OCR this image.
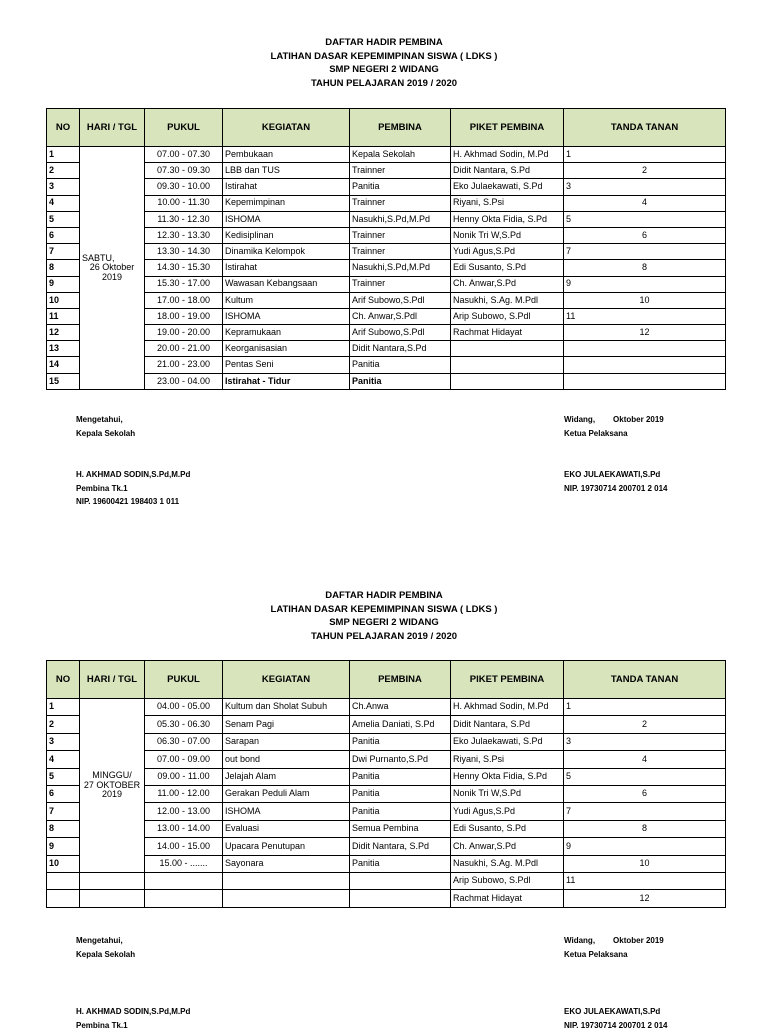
DAFTAR HADIR PEMBINA
LATIHAN DASAR KEPEMIMPINAN SISWA ( LDKS )
SMP NEGERI 2 WIDANG
TAHUN PELAJARAN 2019 / 2020
NO	HARI / TGL	PUKUL	KEGIATAN	PEMBINA	PIKET PEMBINA	TANDA TANAN
1	SABTU,
26 Oktober
2019	07.00 - 07.30	Pembukaan	Kepala Sekolah	H. Akhmad Sodin, M.Pd	1
2		07.30 - 09.30	LBB dan TUS	Trainner	Didit Nantara, S.Pd	2

3		09.30 - 10.00	Istirahat	Panitia	Eko Julaekawati, S.Pd	3
4		10.00 - 11.30	Kepemimpinan	Trainner	Riyani, S.Psi	4

5		11.30 - 12.30	ISHOMA	Nasukhi,S.Pd,M.Pd	Henny Okta Fidia, S.Pd	5
6		12.30 - 13.30	Kedisiplinan	Trainner	Nonik Tri W,S.Pd	6

7		13.30 - 14.30	Dinamika Kelompok	Trainner	Yudi Agus,S.Pd	7
8		14.30 - 15.30	Istirahat	Nasukhi,S.Pd,M.Pd	Edi Susanto, S.Pd	8

9		15.30 - 17.00	Wawasan Kebangsaan	Trainner	Ch. Anwar,S.Pd	9
10		17.00 - 18.00	Kultum	Arif Subowo,S.Pdl	Nasukhi, S.Ag. M.Pdl	10

11		18.00 - 19.00	ISHOMA	Ch. Anwar,S.Pdl	Arip Subowo, S.Pdl	11
12		19.00 - 20.00	Kepramukaan	Arif Subowo,S.Pdl	Rachmat Hidayat	12

13		20.00 - 21.00	Keorganisasian	Didit Nantara,S.Pd		

14		21.00 - 23.00	Pentas Seni	Panitia		

15		23.00 - 04.00	Istirahat - Tidur	Panitia		
Mengetahui,
Kepala Sekolah
Widang, Oktober 2019
Ketua Pelaksana
H. AKHMAD SODIN,S.Pd,M.Pd
Pembina Tk.1
NIP. 19600421 198403 1 011
EKO JULAEKAWATI,S.Pd
NIP. 19730714 200701 2 014
DAFTAR HADIR PEMBINA
LATIHAN DASAR KEPEMIMPINAN SISWA ( LDKS )
SMP NEGERI 2 WIDANG
TAHUN PELAJARAN 2019 / 2020
NO	HARI / TGL	PUKUL	KEGIATAN	PEMBINA	PIKET PEMBINA	TANDA TANAN
1	MINGGU/
27 OKTOBER
2019	04.00 - 05.00	Kultum dan Sholat Subuh	Ch.Anwa	H. Akhmad Sodin, M.Pd	1
2		05.30 - 06.30	Senam Pagi	Amelia Daniati, S.Pd	Didit Nantara, S.Pd	2

3		06.30 - 07.00	Sarapan	Panitia	Eko Julaekawati, S.Pd	3
4		07.00 - 09.00	out bond	Dwi Purnanto,S.Pd	Riyani, S.Psi	4

5		09.00 - 11.00	Jelajah Alam	Panitia	Henny Okta Fidia, S.Pd	5
6		11.00 - 12.00	Gerakan Peduli Alam	Panitia	Nonik Tri W,S.Pd	6

7		12.00 - 13.00	ISHOMA	Panitia	Yudi Agus,S.Pd	7
8		13.00 - 14.00	Evaluasi	Semua Pembina	Edi Susanto, S.Pd	8

9		14.00 - 15.00	Upacara Penutupan	Didit Nantara, S.Pd	Ch. Anwar,S.Pd	9
10		15.00 - .......	Sayonara	Panitia	Nasukhi, S.Ag. M.Pdl	10

					Arip Subowo, S.Pdl	11
					Rachmat Hidayat	12
Mengetahui,
Kepala Sekolah
Widang, Oktober 2019
Ketua Pelaksana
H. AKHMAD SODIN,S.Pd,M.Pd
Pembina Tk.1
EKO JULAEKAWATI,S.Pd
NIP. 19730714 200701 2 014
